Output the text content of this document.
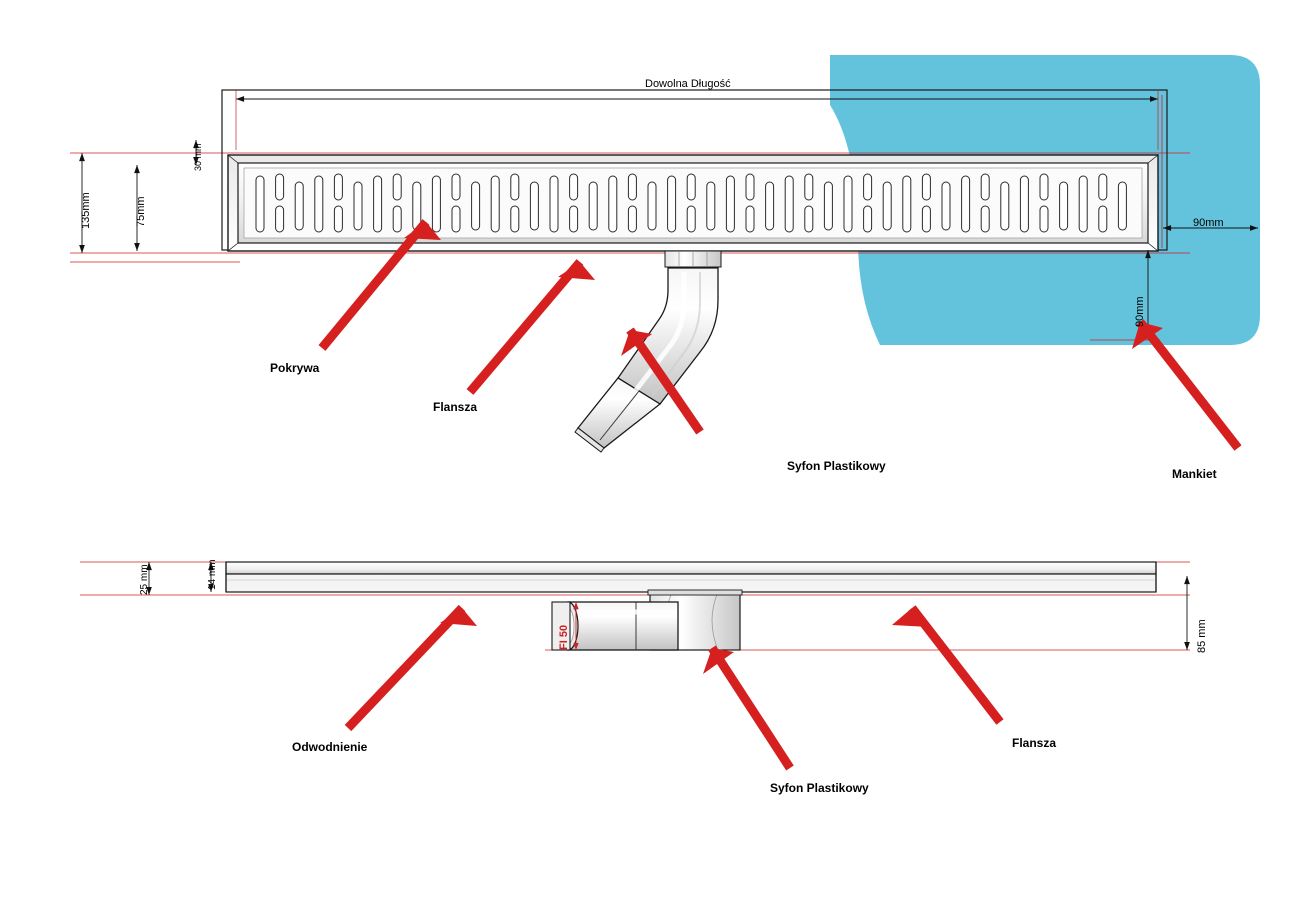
Dowolna Długość
135mm	75mm
30 mm
90mm
90mm
Pokrywa
Flansza
Syfon Plastikowy
Mankiet
25 mm	14 mm
85 mm
FI 50
Odwodnienie
Syfon Plastikowy
Flansza
